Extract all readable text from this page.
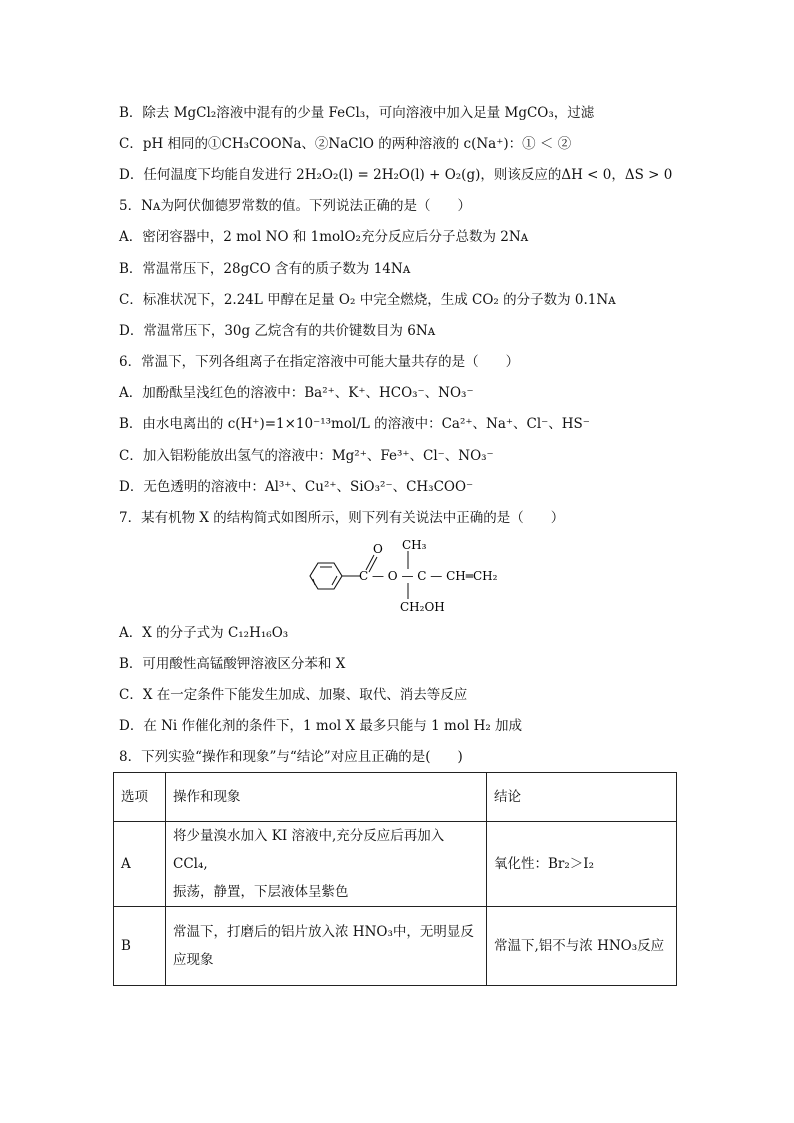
B．除去 MgCl₂溶液中混有的少量 FeCl₃，可向溶液中加入足量 MgCO₃，过滤
C．pH 相同的①CH₃COONa、②NaClO 的两种溶液的 c(Na⁺)：① ＜ ②
D．任何温度下均能自发进行 2H₂O₂(l) = 2H₂O(l) + O₂(g)，则该反应的ΔH < 0，ΔS > 0
5．Nᴀ为阿伏伽德罗常数的值。下列说法正确的是（　　）
A．密闭容器中，2 mol NO 和 1molO₂充分反应后分子总数为 2Nᴀ
B．常温常压下，28gCO 含有的质子数为 14Nᴀ
C．标准状况下，2.24L 甲醇在足量 O₂ 中完全燃烧，生成 CO₂ 的分子数为 0.1Nᴀ
D．常温常压下，30g 乙烷含有的共价键数目为 6Nᴀ
6．常温下，下列各组离子在指定溶液中可能大量共存的是（　　）
A．加酚酞呈浅红色的溶液中：Ba²⁺、K⁺、HCO₃⁻、NO₃⁻
B．由水电离出的 c(H⁺)=1×10⁻¹³mol/L 的溶液中：Ca²⁺、Na⁺、Cl⁻、HS⁻
C．加入铝粉能放出氢气的溶液中：Mg²⁺、Fe³⁺、Cl⁻、NO₃⁻
D．无色透明的溶液中：Al³⁺、Cu²⁺、SiO₃²⁻、CH₃COO⁻
7．某有机物 X 的结构简式如图所示，则下列有关说法中正确的是（　　）
O
C — O — C — CH═CH₂
CH₃
CH₂OH
A．X 的分子式为 C₁₂H₁₆O₃
B．可用酸性高锰酸钾溶液区分苯和 X
C．X 在一定条件下能发生加成、加聚、取代、消去等反应
D．在 Ni 作催化剂的条件下，1 mol X 最多只能与 1 mol H₂ 加成
8．下列实验“操作和现象”与“结论”对应且正确的是(　　)
选项	操作和现象	结论
A	将少量溴水加入 KI 溶液中,充分反应后再加入 CCl₄,
振荡，静置，下层液体呈紫色	氧化性：Br₂＞I₂
B	常温下，打磨后的铝片放入浓 HNO₃中，无明显反
应现象	常温下,铝不与浓 HNO₃反应
